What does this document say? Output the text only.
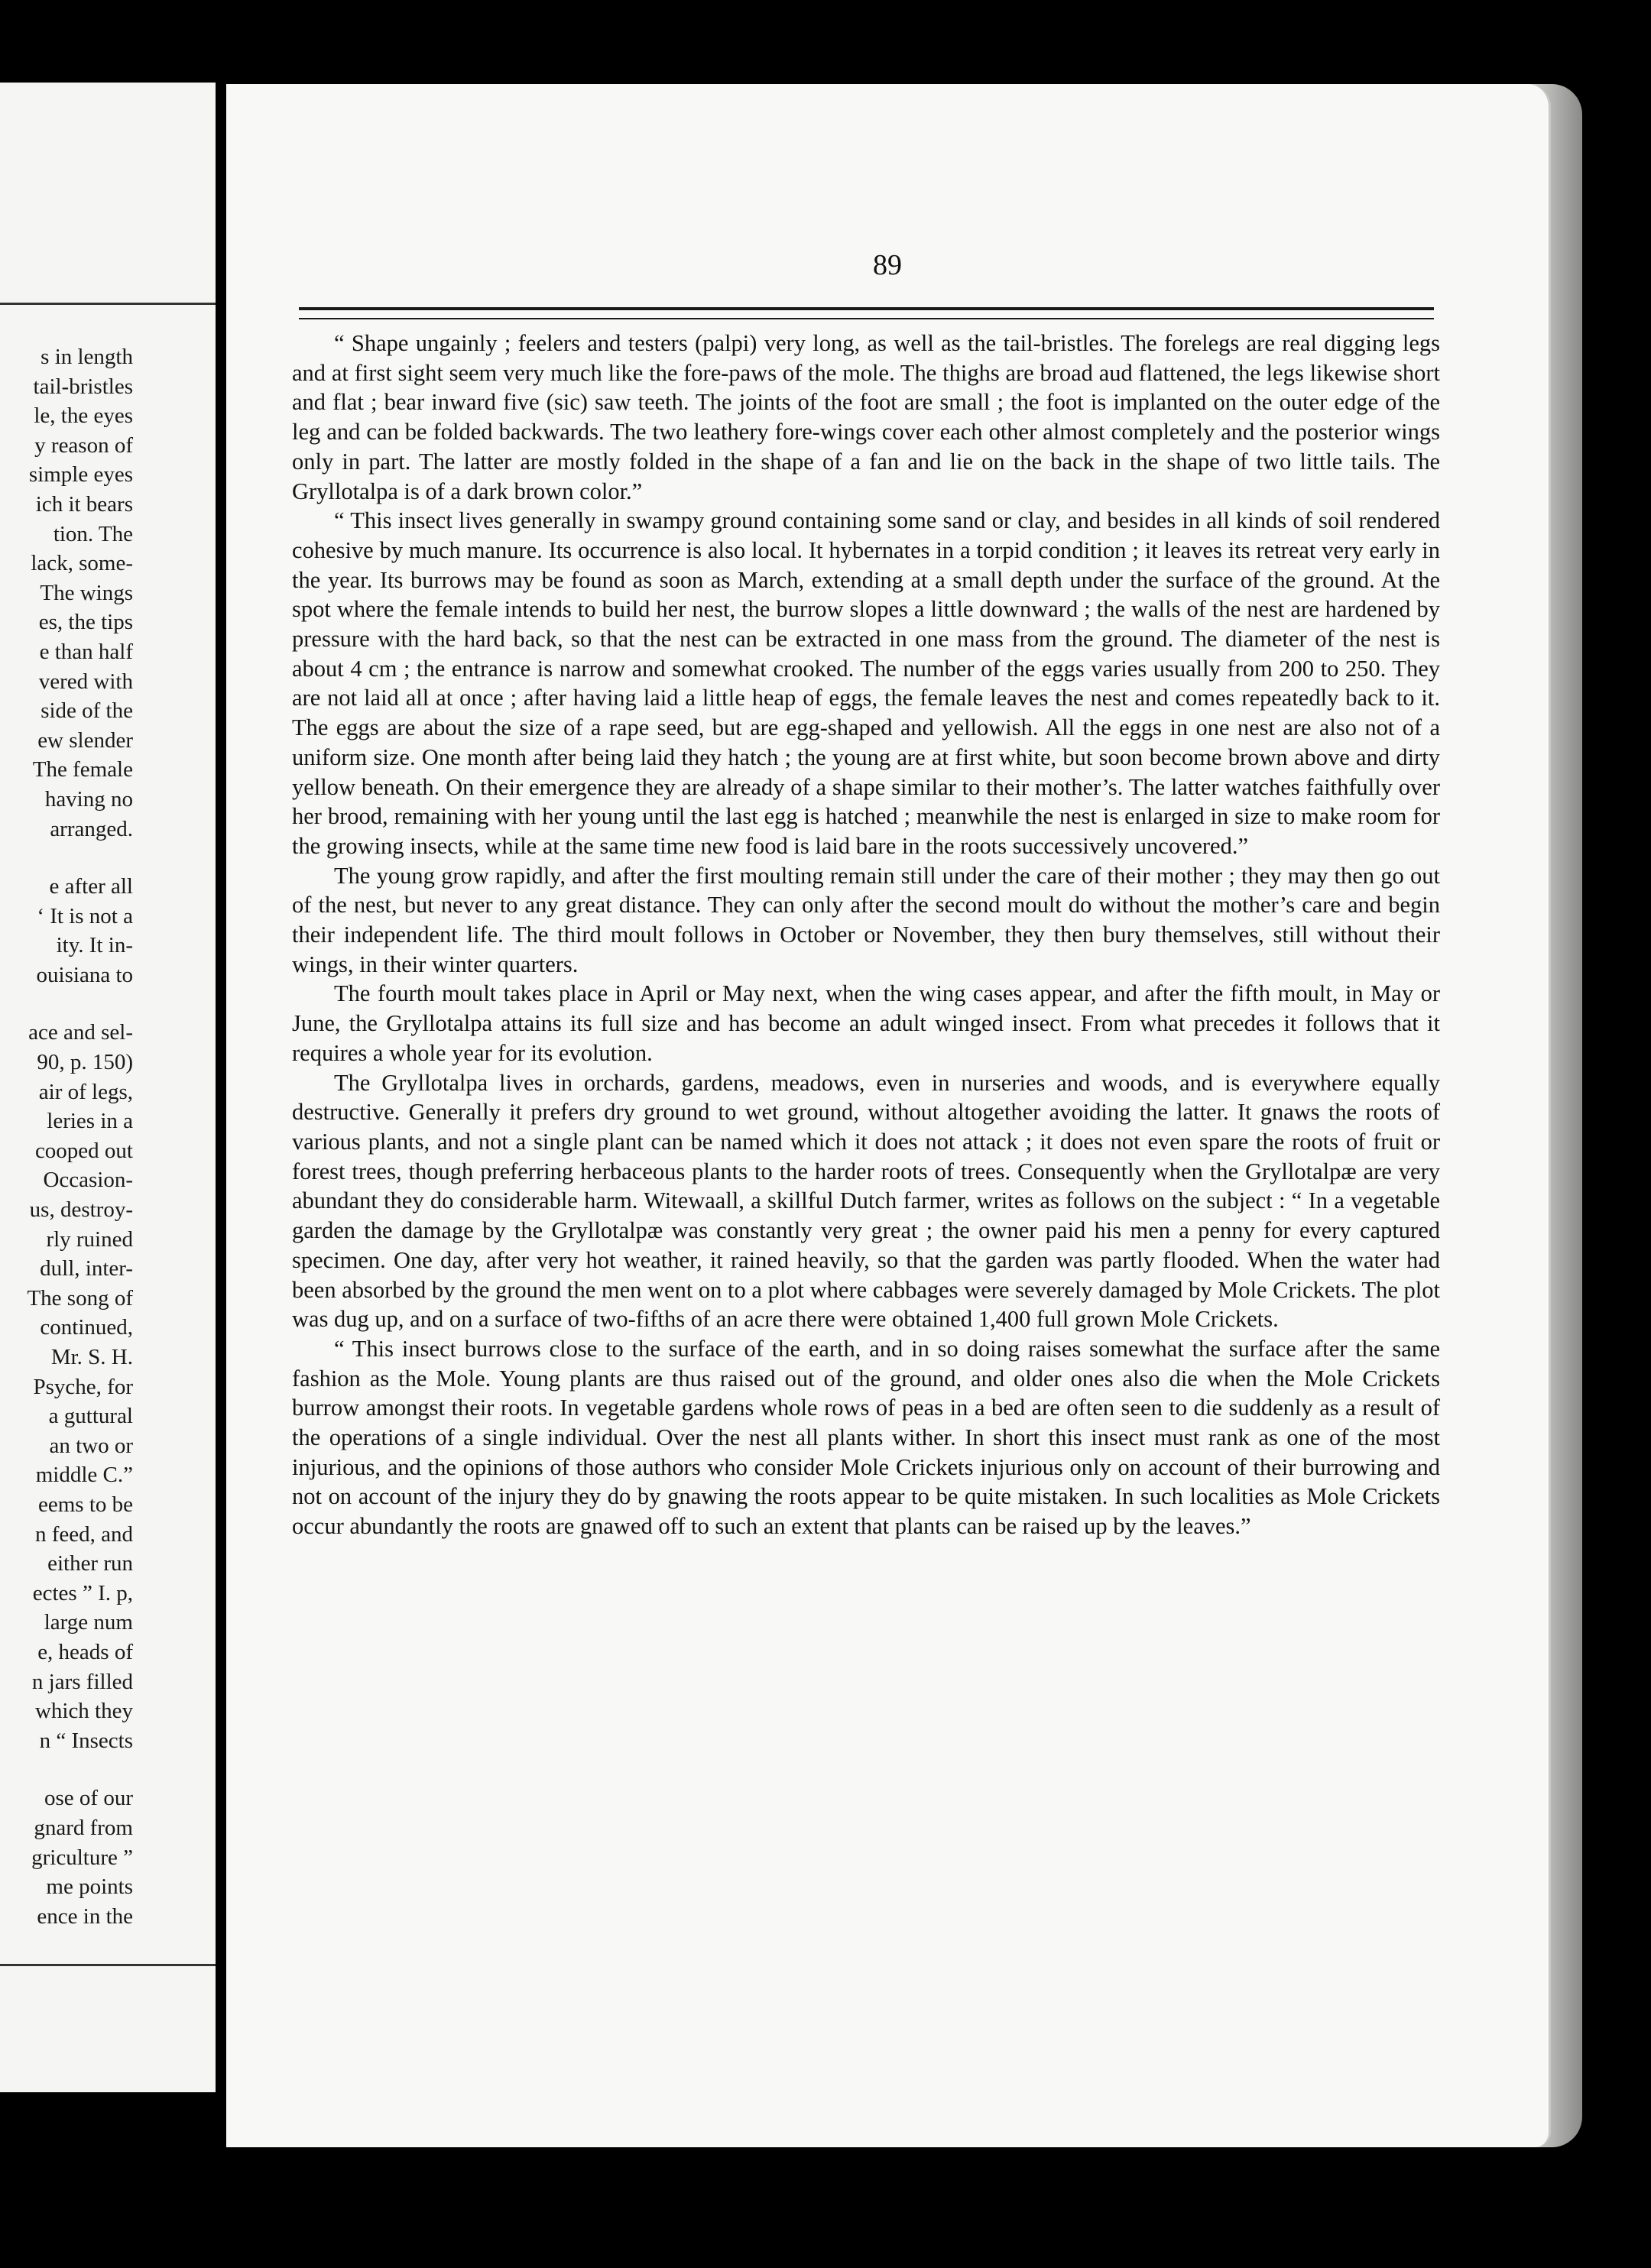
s in length
tail-bristles
le, the eyes
y reason of
simple eyes
ich it bears
tion. The
lack, some-
The wings
es, the tips
e than half
vered with
side of the
ew slender
The female
having no
arranged.
e after all
‘ It is not a
ity. It in-
ouisiana to
ace and sel-
90, p. 150)
air of legs,
leries in a
cooped out
Occasion-
us, destroy-
rly ruined
dull, inter-
The song of
continued,
Mr. S. H.
Psyche, for
a guttural
an two or
middle C.”
eems to be
n feed, and
either run
ectes ” I. p,
large num
e, heads of
n jars filled
which they
n “ Insects
ose of our
gnard from
griculture ”
me points
ence in the
89

“ Shape ungainly ; feelers and testers (palpi) very long, as well as the tail-bristles. The forelegs are real digging legs and at first sight seem very much like the fore-paws of the mole. The thighs are broad aud flattened, the legs likewise short and flat ; bear inward five (sic) saw teeth. The joints of the foot are small ; the foot is implanted on the outer edge of the leg and can be folded backwards. The two leathery fore-wings cover each other almost completely and the posterior wings only in part. The latter are mostly folded in the shape of a fan and lie on the back in the shape of two little tails. The Gryllotalpa is of a dark brown color.”

“ This insect lives generally in swampy ground containing some sand or clay, and besides in all kinds of soil rendered cohesive by much manure. Its occurrence is also local. It hybernates in a torpid condition ; it leaves its retreat very early in the year. Its burrows may be found as soon as March, extending at a small depth under the surface of the ground. At the spot where the female intends to build her nest, the burrow slopes a little downward ; the walls of the nest are hardened by pressure with the hard back, so that the nest can be extracted in one mass from the ground. The diameter of the nest is about 4 cm ; the entrance is narrow and somewhat crooked. The number of the eggs varies usually from 200 to 250. They are not laid all at once ; after having laid a little heap of eggs, the female leaves the nest and comes repeatedly back to it. The eggs are about the size of a rape seed, but are egg-shaped and yellowish. All the eggs in one nest are also not of a uniform size. One month after being laid they hatch ; the young are at first white, but soon become brown above and dirty yellow beneath. On their emergence they are already of a shape similar to their mother’s. The latter watches faithfully over her brood, remaining with her young until the last egg is hatched ; meanwhile the nest is enlarged in size to make room for the growing insects, while at the same time new food is laid bare in the roots successively uncovered.”

The young grow rapidly, and after the first moulting remain still under the care of their mother ; they may then go out of the nest, but never to any great distance. They can only after the second moult do without the mother’s care and begin their independent life. The third moult follows in October or November, they then bury themselves, still without their wings, in their winter quarters.

The fourth moult takes place in April or May next, when the wing cases appear, and after the fifth moult, in May or June, the Gryllotalpa attains its full size and has become an adult winged insect. From what precedes it follows that it requires a whole year for its evolution.

The Gryllotalpa lives in orchards, gardens, meadows, even in nurseries and woods, and is everywhere equally destructive. Generally it prefers dry ground to wet ground, without altogether avoiding the latter. It gnaws the roots of various plants, and not a single plant can be named which it does not attack ; it does not even spare the roots of fruit or forest trees, though preferring herbaceous plants to the harder roots of trees. Consequently when the Gryllotalpæ are very abundant they do considerable harm. Witewaall, a skillful Dutch farmer, writes as follows on the subject : “ In a vegetable garden the damage by the Gryllotalpæ was constantly very great ; the owner paid his men a penny for every captured specimen. One day, after very hot weather, it rained heavily, so that the garden was partly flooded. When the water had been absorbed by the ground the men went on to a plot where cabbages were severely damaged by Mole Crickets. The plot was dug up, and on a surface of two-fifths of an acre there were obtained 1,400 full grown Mole Crickets.

“ This insect burrows close to the surface of the earth, and in so doing raises somewhat the surface after the same fashion as the Mole. Young plants are thus raised out of the ground, and older ones also die when the Mole Crickets burrow amongst their roots. In vegetable gardens whole rows of peas in a bed are often seen to die suddenly as a result of the operations of a single individual. Over the nest all plants wither. In short this insect must rank as one of the most injurious, and the opinions of those authors who consider Mole Crickets injurious only on account of their burrowing and not on account of the injury they do by gnawing the roots appear to be quite mistaken. In such localities as Mole Crickets occur abundantly the roots are gnawed off to such an extent that plants can be raised up by the leaves.”
